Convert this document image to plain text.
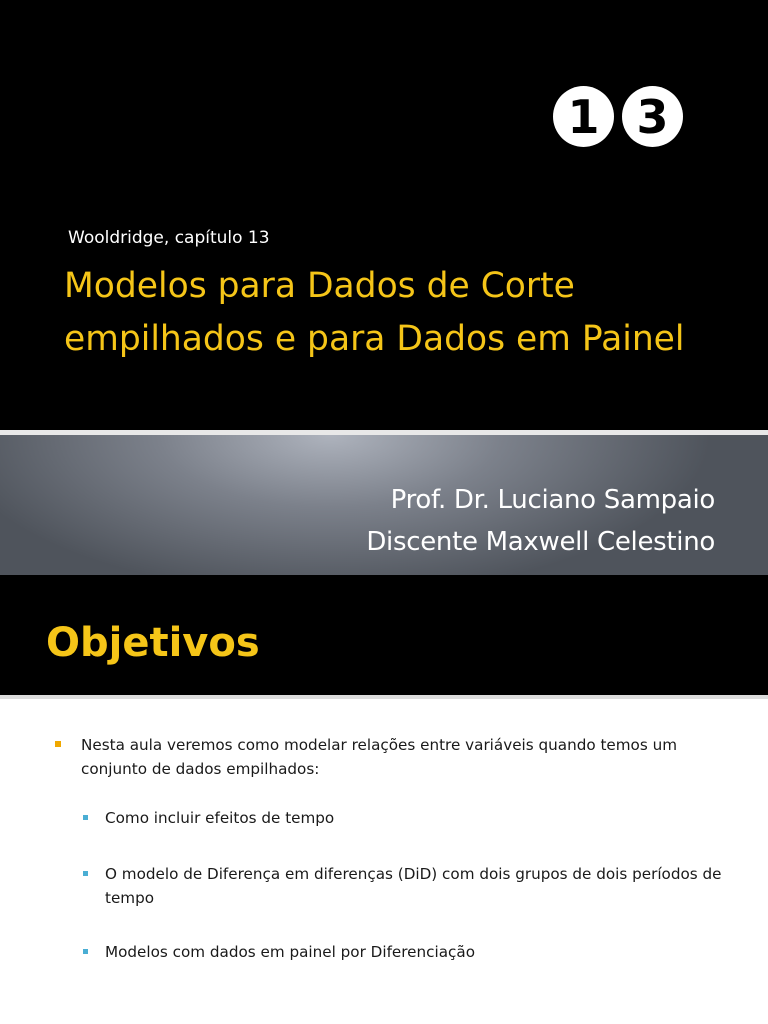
1 3
Wooldridge, capítulo 13
Modelos para Dados de Corte empilhados e para Dados em Painel
Prof. Dr. Luciano Sampaio
Discente Maxwell Celestino
Objetivos
Nesta aula veremos como modelar relações entre variáveis quando temos um conjunto de dados empilhados:
Como incluir efeitos de tempo
O modelo de Diferença em diferenças (DiD) com dois grupos de dois períodos de tempo
Modelos com dados em painel por Diferenciação
